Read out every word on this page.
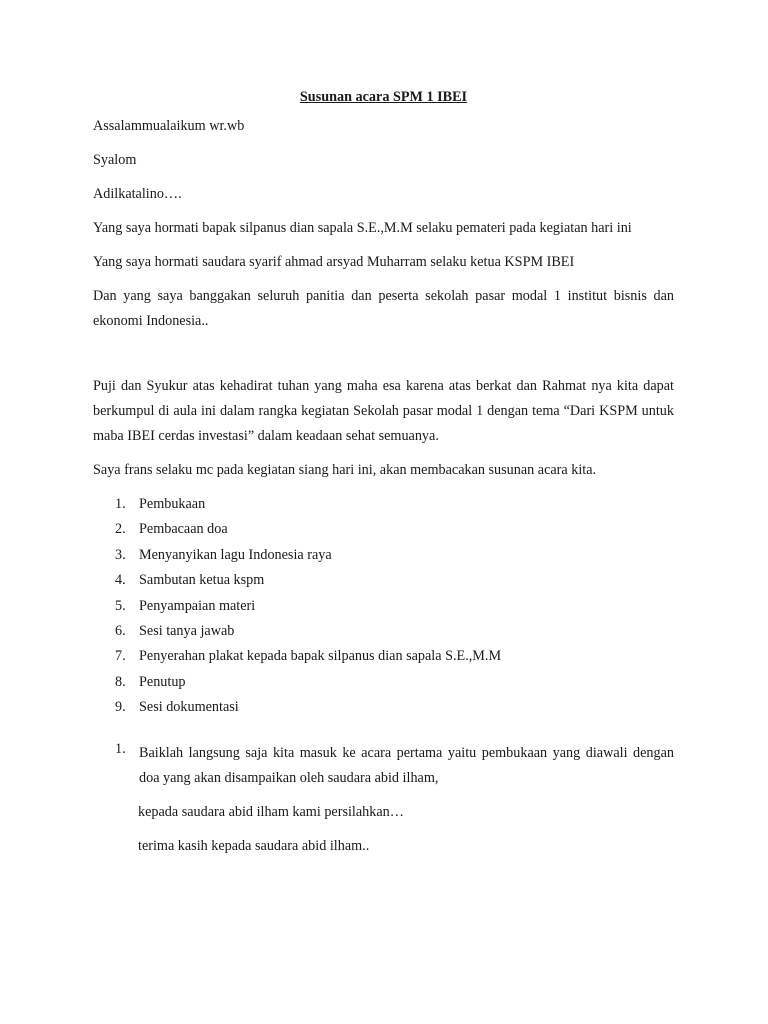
Susunan acara SPM 1 IBEI

Assalammualaikum wr.wb

Syalom

Adilkatalino….

Yang saya hormati bapak silpanus dian sapala S.E.,M.M selaku pemateri pada kegiatan hari ini

Yang saya hormati saudara syarif ahmad arsyad Muharram selaku ketua KSPM IBEI

Dan yang saya banggakan seluruh panitia dan peserta sekolah pasar modal 1 institut bisnis dan ekonomi Indonesia..

Puji dan Syukur atas kehadirat tuhan yang maha esa karena atas berkat dan Rahmat nya kita dapat berkumpul di aula ini dalam rangka kegiatan Sekolah pasar modal 1 dengan tema “Dari KSPM untuk maba IBEI cerdas investasi” dalam keadaan sehat semuanya.

Saya frans selaku mc pada kegiatan siang hari ini, akan membacakan susunan acara kita.

1. Pembukaan
2. Pembacaan doa
3. Menyanyikan lagu Indonesia raya
4. Sambutan ketua kspm
5. Penyampaian materi
6. Sesi tanya jawab
7. Penyerahan plakat kepada bapak silpanus dian sapala S.E.,M.M
8. Penutup
9. Sesi dokumentasi
1. Baiklah langsung saja kita masuk ke acara pertama yaitu pembukaan yang diawali dengan doa yang akan disampaikan oleh saudara abid ilham,

kepada saudara abid ilham kami persilahkan…

terima kasih kepada saudara abid ilham..
